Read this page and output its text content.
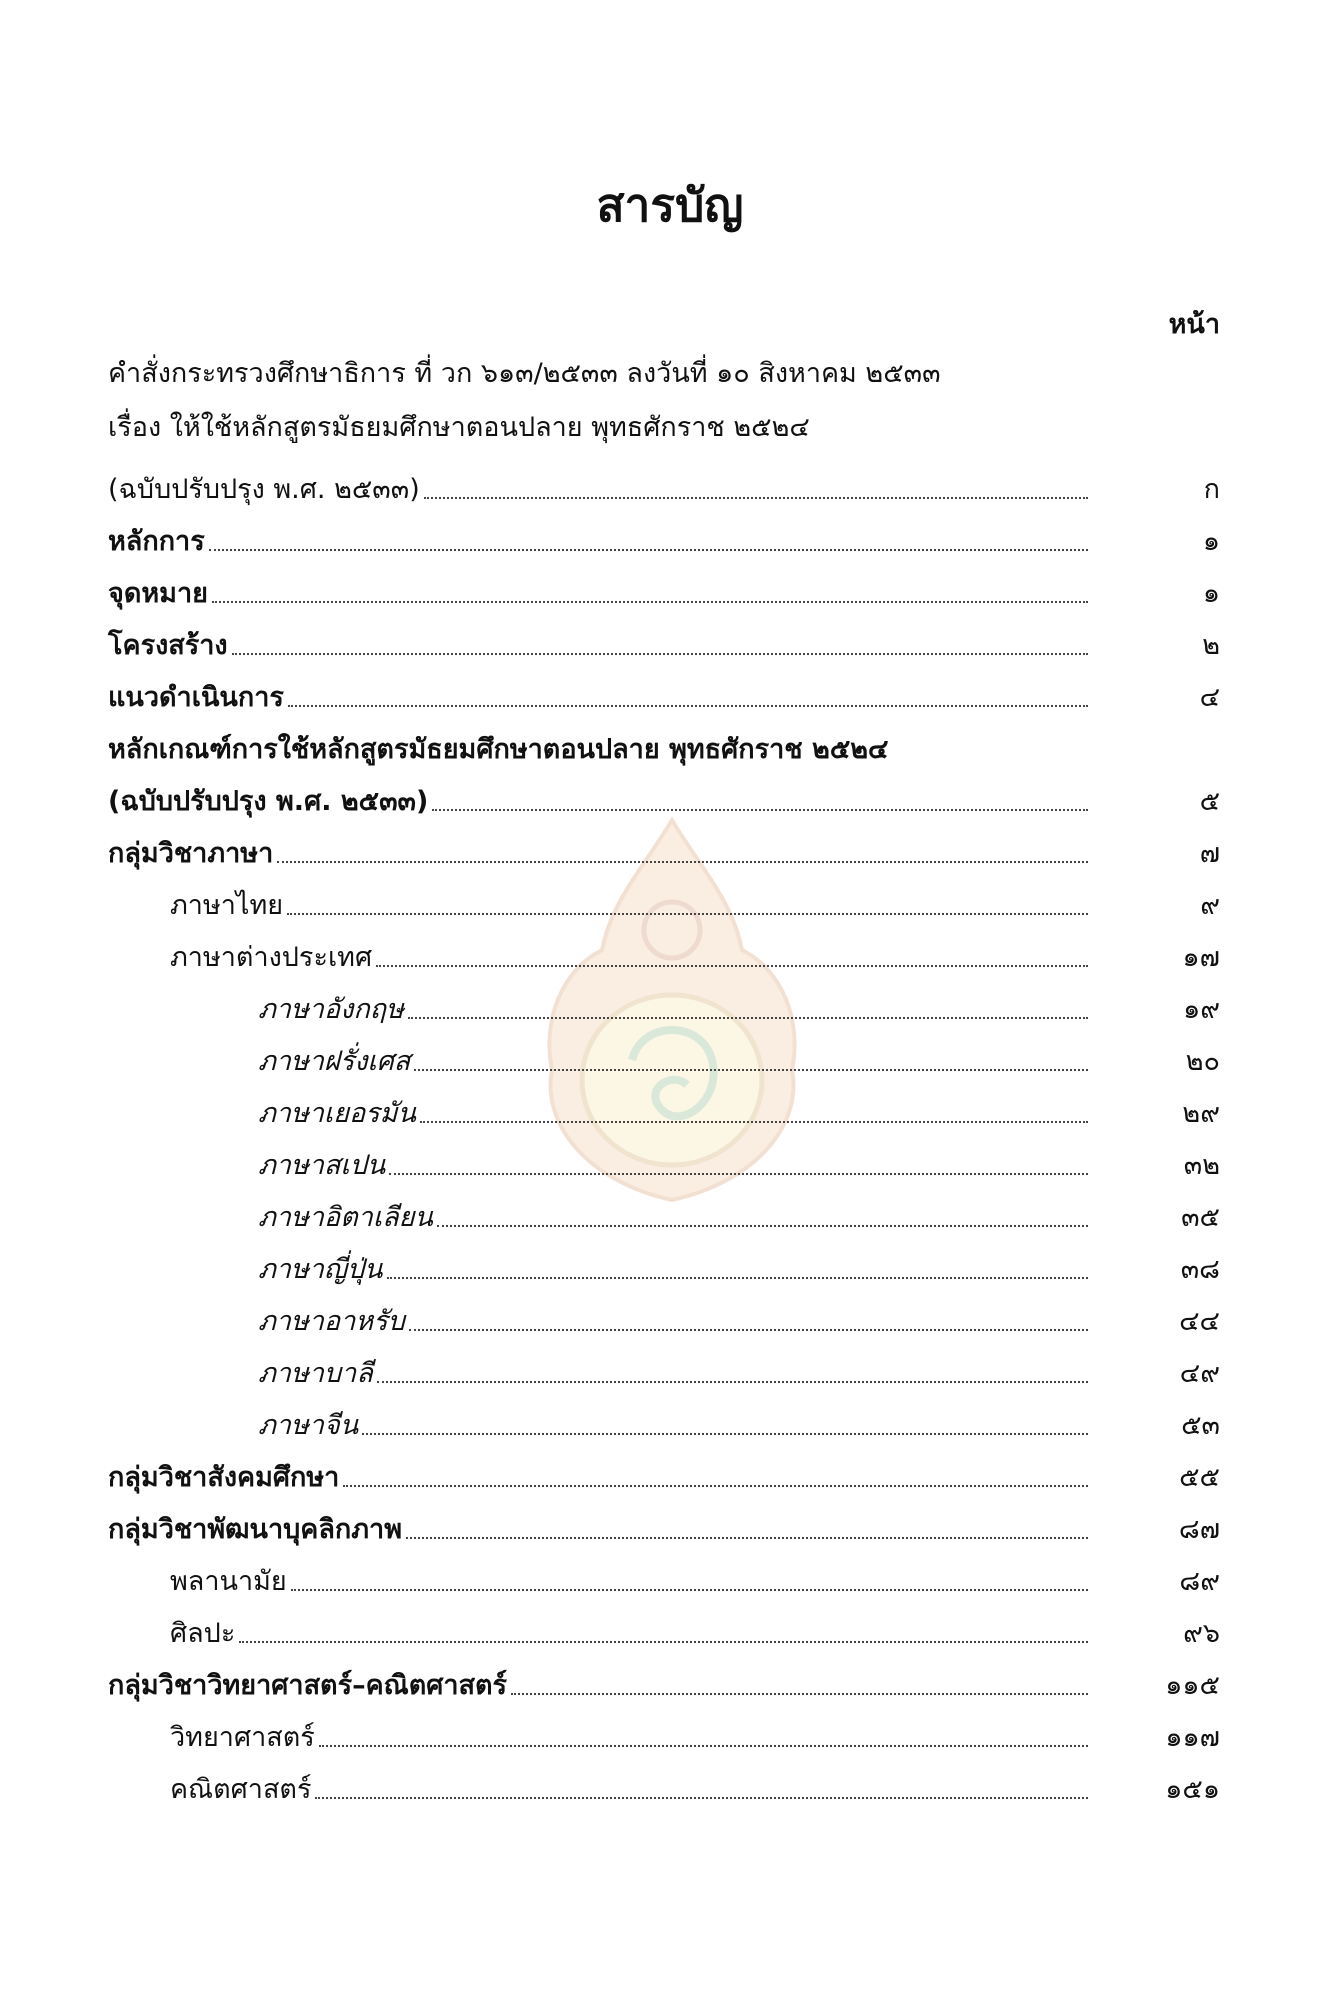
สารบัญ
หน้า
คำสั่งกระทรวงศึกษาธิการ ที่ วก ๖๑๓/๒๕๓๓ ลงวันที่ ๑๐ สิงหาคม ๒๕๓๓
เรื่อง ให้ใช้หลักสูตรมัธยมศึกษาตอนปลาย พุทธศักราช ๒๕๒๔
(ฉบับปรับปรุง พ.ศ. ๒๕๓๓)	ก
หลักการ	๑
จุดหมาย	๑
โครงสร้าง	๒
แนวดำเนินการ	๔
หลักเกณฑ์การใช้หลักสูตรมัธยมศึกษาตอนปลาย พุทธศักราช ๒๕๒๔
(ฉบับปรับปรุง พ.ศ. ๒๕๓๓)	๕
กลุ่มวิชาภาษา	๗
ภาษาไทย	๙
ภาษาต่างประเทศ	๑๗
ภาษาอังกฤษ	๑๙
ภาษาฝรั่งเศส	๒๐
ภาษาเยอรมัน	๒๙
ภาษาสเปน	๓๒
ภาษาอิตาเลียน	๓๕
ภาษาญี่ปุ่น	๓๘
ภาษาอาหรับ	๔๔
ภาษาบาลี	๔๙
ภาษาจีน	๕๓
กลุ่มวิชาสังคมศึกษา	๕๕
กลุ่มวิชาพัฒนาบุคลิกภาพ	๘๗
พลานามัย	๘๙
ศิลปะ	๙๖
กลุ่มวิชาวิทยาศาสตร์–คณิตศาสตร์	๑๑๕
วิทยาศาสตร์	๑๑๗
คณิตศาสตร์	๑๕๑
